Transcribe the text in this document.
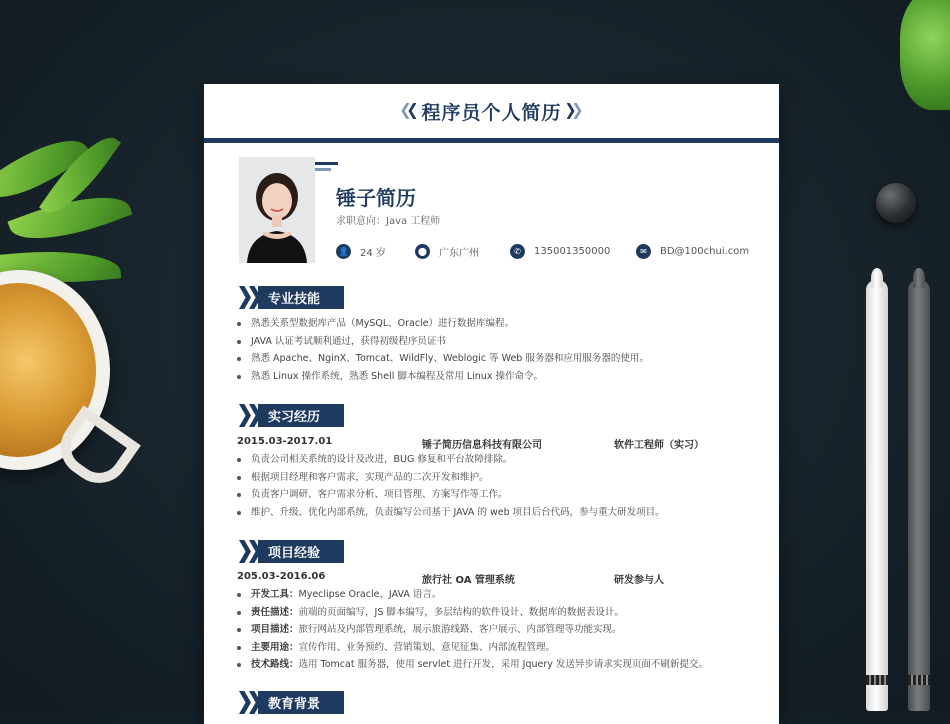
程序员个人简历
锤子简历
求职意向：Java 工程师
👤 24 岁	⬤	广东广州	✆	135001350000	✉	BD@100chui.com
专业技能
熟悉关系型数据库产品（MySQL、Oracle）进行数据库编程。
JAVA 认证考试顺利通过，获得初级程序员证书
熟悉 Apache、NginX、Tomcat、WildFly、Weblogic 等 Web 服务器和应用服务器的使用。
熟悉 Linux 操作系统，熟悉 Shell 脚本编程及常用 Linux 操作命令。
实习经历
2015.03-2017.01	锤子简历信息科技有限公司	软件工程师（实习）
负责公司相关系统的设计及改进，BUG 修复和平台故障排除。
根据项目经理和客户需求，实现产品的二次开发和维护。
负责客户调研、客户需求分析、项目管理、方案写作等工作。
维护、升级、优化内部系统，负责编写公司基于 JAVA 的 web 项目后台代码，参与重大研发项目。
项目经验
205.03-2016.06	旅行社 OA 管理系统	研发参与人
开发工具：Myeclipse Oracle、JAVA 语言。
责任描述：前端的页面编写，JS 脚本编写，多层结构的软件设计、数据库的数据表设计。
项目描述：旅行网站及内部管理系统，展示旅游线路、客户展示、内部管理等功能实现。
主要用途：宣传作用、业务预约、营销策划、意见征集、内部流程管理。
技术路线：选用 Tomcat 服务器，使用 servlet 进行开发，采用 Jquery 发送异步请求实现页面不刷新提交。
教育背景
